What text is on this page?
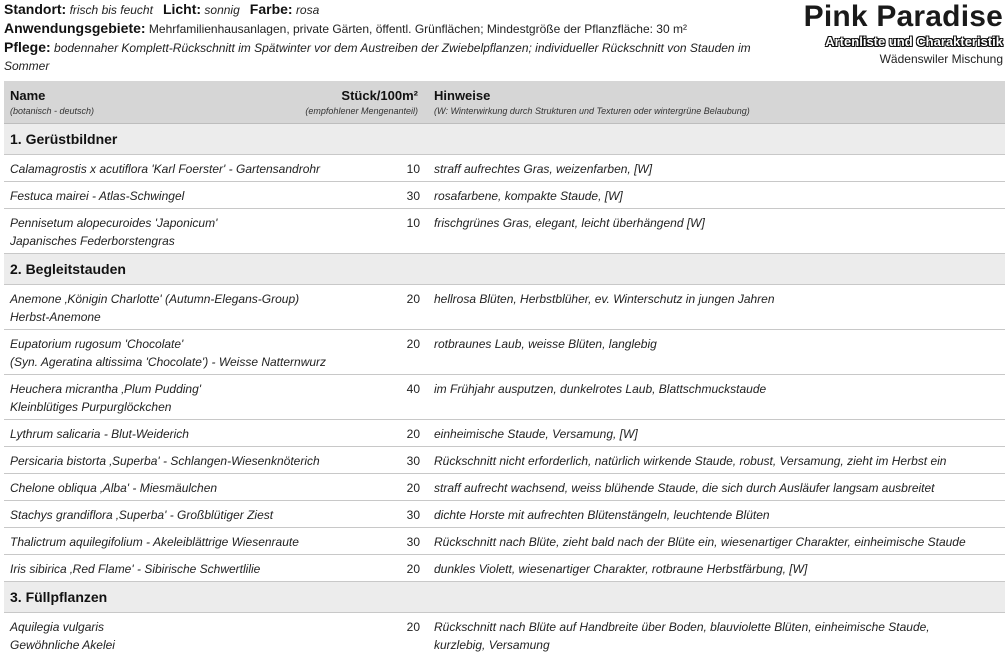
Standort: frisch bis feucht Licht: sonnig Farbe: rosa
Anwendungsgebiete: Mehrfamilienhausanlagen, private Gärten, öffentl. Grünflächen; Mindestgröße der Pflanzfläche: 30 m²
Pflege: bodennaher Komplett-Rückschnitt im Spätwinter vor dem Austreiben der Zwiebelpflanzen; individueller Rückschnitt von Stauden im Sommer
Pink Paradise
Artenliste und Charakteristik
Wädenswiler Mischung
Name
(botanisch - deutsch)
Stück/100m²
(empfohlener Mengenanteil)
Hinweise
(W: Winterwirkung durch Strukturen und Texturen oder wintergrüne Belaubung)
1. Gerüstbildner
Calamagrostis x acutiflora 'Karl Foerster' - Gartensandrohr	10 straff aufrechtes Gras, weizenfarben, [W]
Festuca mairei - Atlas-Schwingel	30 rosafarbene, kompakte Staude, [W]
Pennisetum alopecuroides 'Japonicum'
Japanisches Federborstengras
10 frischgrünes Gras, elegant, leicht überhängend [W]
2. Begleitstauden
Anemone ‚Königin Charlotte' (Autumn-Elegans-Group)
Herbst-Anemone
20 hellrosa Blüten, Herbstblüher, ev. Winterschutz in jungen Jahren
Eupatorium rugosum 'Chocolate'
(Syn. Ageratina altissima 'Chocolate') - Weisse Natternwurz
20 rotbraunes Laub, weisse Blüten, langlebig
Heuchera micrantha ‚Plum Pudding'
Kleinblütiges Purpurglöckchen
40 im Frühjahr ausputzen, dunkelrotes Laub, Blattschmuckstaude
Lythrum salicaria - Blut-Weiderich	20 einheimische Staude, Versamung, [W]
Persicaria bistorta ‚Superba' - Schlangen-Wiesenknöterich	30 Rückschnitt nicht erforderlich, natürlich wirkende Staude, robust, Versamung, zieht im Herbst ein
Chelone obliqua ‚Alba' - Miesmäulchen	20 straff aufrecht wachsend, weiss blühende Staude, die sich durch Ausläufer langsam ausbreitet
Stachys grandiflora ‚Superba' - Großblütiger Ziest	30 dichte Horste mit aufrechten Blütenstängeln, leuchtende Blüten
Thalictrum aquilegifolium - Akeleiblättrige Wiesenraute	30 Rückschnitt nach Blüte, zieht bald nach der Blüte ein, wiesenartiger Charakter, einheimische Staude
Iris sibirica ‚Red Flame' - Sibirische Schwertlilie	20 dunkles Violett, wiesenartiger Charakter, rotbraune Herbstfärbung, [W]
3. Füllpflanzen
Aquilegia vulgaris
Gewöhnliche Akelei
20 Rückschnitt nach Blüte auf Handbreite über Boden, blauviolette Blüten, einheimische Staude,
kurzlebig, Versamung
